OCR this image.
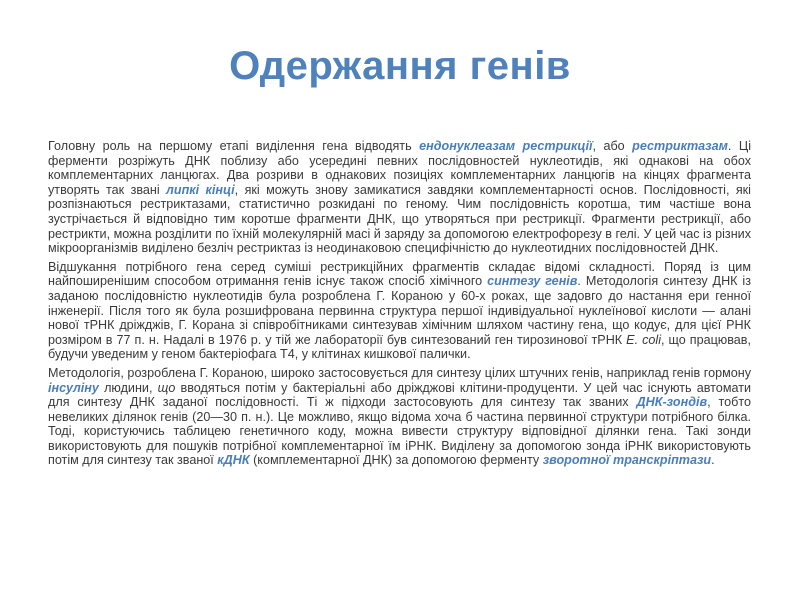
Одержання генів

Головну роль на першому етапі виділення гена відводять ендонуклеазам рестрикції, або рестриктазам. Ці ферменти розріжуть ДНК поблизу або усередині певних послідовностей нуклеотидів, які однакові на обох комплементарних ланцюгах. Два розриви в однакових позиціях комплементарних ланцюгів на кінцях фрагмента утворять так звані липкі кінці, які можуть знову замикатися завдяки комплементарності основ. Послідовності, які розпізнаються рестриктазами, статистично розкидані по геному. Чим послідовність коротша, тим частіше вона зустрічається й відповідно тим коротше фрагменти ДНК, що утворяться при рестрикції. Фрагменти рестрикції, або рестрикти, можна розділити по їхній молекулярній масі й заряду за допомогою електрофорезу в гелі. У цей час із різних мікроорганізмів виділено безліч рестриктаз із неодинаковою специфічністю до нуклеотидних послідовностей ДНК.

Відшукання потрібного гена серед суміші рестрикційних фрагментів складає відомі складності. Поряд із цим найпоширенішим способом отримання генів існує також спосіб хімічного синтезу генів. Методологія синтезу ДНК із заданою послідовністю нуклеотидів була розроблена Г. Кораною у 60-х роках, ще задовго до настання ери генної інженерії. Після того як була розшифрована первинна структура першої індивідуальної нуклеїнової кислоти — алані нової тРНК дріжджів, Г. Корана зі співробітниками синтезував хімічним шляхом частину гена, що кодує, для цієї РНК розміром в 77 п. н. Надалі в 1976 р. у тій же лабораторії був синтезований ген тирозинової тРНК E. coli, що працював, будучи уведеним у геном бактеріофага Т4, у клітинах кишкової палички.

Методологія, розроблена Г. Кораною, широко застосовується для синтезу цілих штучних генів, наприклад генів гормону інсуліну людини, що вводяться потім у бактеріальні або дріжджові клітини-продуценти. У цей час існують автомати для синтезу ДНК заданої послідовності. Ті ж підходи застосовують для синтезу так званих ДНК-зондів, тобто невеликих ділянок генів (20—30 п. н.). Це можливо, якщо відома хоча б частина первинної структури потрібного білка. Тоді, користуючись таблицею генетичного коду, можна вивести структуру відповідної ділянки гена. Такі зонди використовують для пошуків потрібної комплементарної їм іРНК. Виділену за допомогою зонда іРНК використовують потім для синтезу так званої кДНК (комплементарної ДНК) за допомогою ферменту зворотної транскріптази.
